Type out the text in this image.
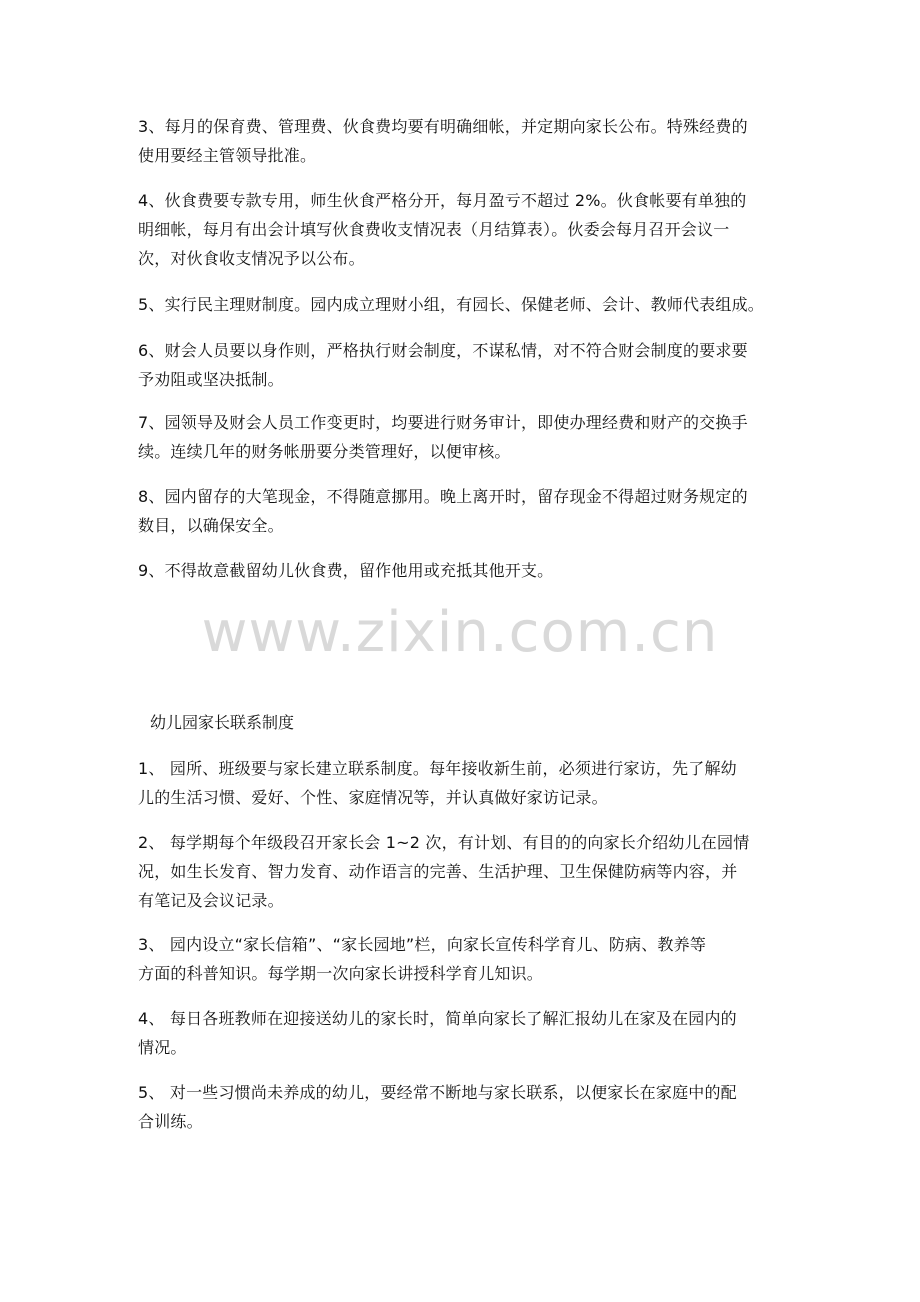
3、每月的保育费、管理费、伙食费均要有明确细帐，并定期向家长公布。特殊经费的
使用要经主管领导批准。
4、伙食费要专款专用，师生伙食严格分开，每月盈亏不超过 2%。伙食帐要有单独的
明细帐，每月有出会计填写伙食费收支情况表（月结算表）。伙委会每月召开会议一
次，对伙食收支情况予以公布。
5、实行民主理财制度。园内成立理财小组，有园长、保健老师、会计、教师代表组成。
6、财会人员要以身作则，严格执行财会制度，不谋私情，对不符合财会制度的要求要
予劝阻或坚决抵制。
7、园领导及财会人员工作变更时，均要进行财务审计，即使办理经费和财产的交换手
续。连续几年的财务帐册要分类管理好，以便审核。
8、园内留存的大笔现金，不得随意挪用。晚上离开时，留存现金不得超过财务规定的
数目，以确保安全。
9、不得故意截留幼儿伙食费，留作他用或充抵其他开支。
www.zixin.com.cn
幼儿园家长联系制度
1、 园所、班级要与家长建立联系制度。每年接收新生前，必须进行家访，先了解幼
儿的生活习惯、爱好、个性、家庭情况等，并认真做好家访记录。
2、 每学期每个年级段召开家长会 1~2 次，有计划、有目的的向家长介绍幼儿在园情
况，如生长发育、智力发育、动作语言的完善、生活护理、卫生保健防病等内容，并
有笔记及会议记录。
3、 园内设立“家长信箱”、“家长园地”栏，向家长宣传科学育儿、防病、教养等
方面的科普知识。每学期一次向家长讲授科学育儿知识。
4、 每日各班教师在迎接送幼儿的家长时，简单向家长了解汇报幼儿在家及在园内的
情况。
5、 对一些习惯尚未养成的幼儿，要经常不断地与家长联系，以便家长在家庭中的配
合训练。
